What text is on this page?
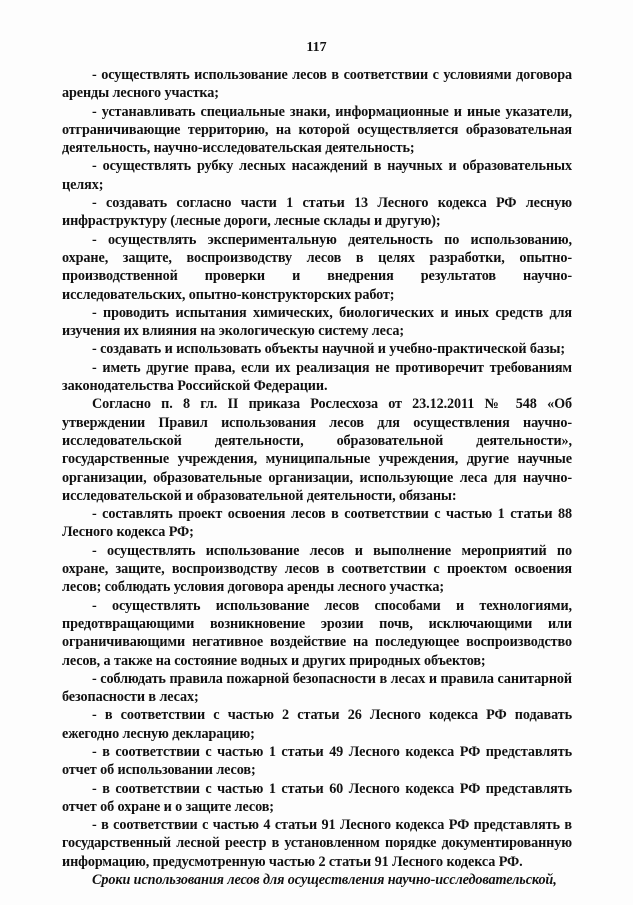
117

- осуществлять использование лесов в соответствии с условиями договора аренды лесного участка;

- устанавливать специальные знаки, информационные и иные указатели, отграничивающие территорию, на которой осуществляется образовательная деятельность, научно-исследовательская деятельность;

- осуществлять рубку лесных насаждений в научных и образовательных целях;

- создавать согласно части 1 статьи 13 Лесного кодекса РФ лесную инфраструктуру (лесные дороги, лесные склады и другую);

- осуществлять экспериментальную деятельность по использованию, охране, защите, воспроизводству лесов в целях разработки, опытно-производственной проверки и внедрения результатов научно-исследовательских, опытно-конструкторских работ;

- проводить испытания химических, биологических и иных средств для изучения их влияния на экологическую систему леса;

- создавать и использовать объекты научной и учебно-практической базы;

- иметь другие права, если их реализация не противоречит требованиям законодательства Российской Федерации.

Согласно п. 8 гл. II приказа Рослесхоза от 23.12.2011 № 548 «Об утверждении Правил использования лесов для осуществления научно-исследовательской деятельности, образовательной деятельности», государственные учреждения, муниципальные учреждения, другие научные организации, образовательные организации, использующие леса для научно-исследовательской и образовательной деятельности, обязаны:

- составлять проект освоения лесов в соответствии с частью 1 статьи 88 Лесного кодекса РФ;

- осуществлять использование лесов и выполнение мероприятий по охране, защите, воспроизводству лесов в соответствии с проектом освоения лесов; соблюдать условия договора аренды лесного участка;

- осуществлять использование лесов способами и технологиями, предотвращающими возникновение эрозии почв, исключающими или ограничивающими негативное воздействие на последующее воспроизводство лесов, а также на состояние водных и других природных объектов;

- соблюдать правила пожарной безопасности в лесах и правила санитарной безопасности в лесах;

- в соответствии с частью 2 статьи 26 Лесного кодекса РФ подавать ежегодно лесную декларацию;

- в соответствии с частью 1 статьи 49 Лесного кодекса РФ представлять отчет об использовании лесов;

- в соответствии с частью 1 статьи 60 Лесного кодекса РФ представлять отчет об охране и о защите лесов;

- в соответствии с частью 4 статьи 91 Лесного кодекса РФ представлять в государственный лесной реестр в установленном порядке документированную информацию, предусмотренную частью 2 статьи 91 Лесного кодекса РФ.

Сроки использования лесов для осуществления научно-исследовательской,
